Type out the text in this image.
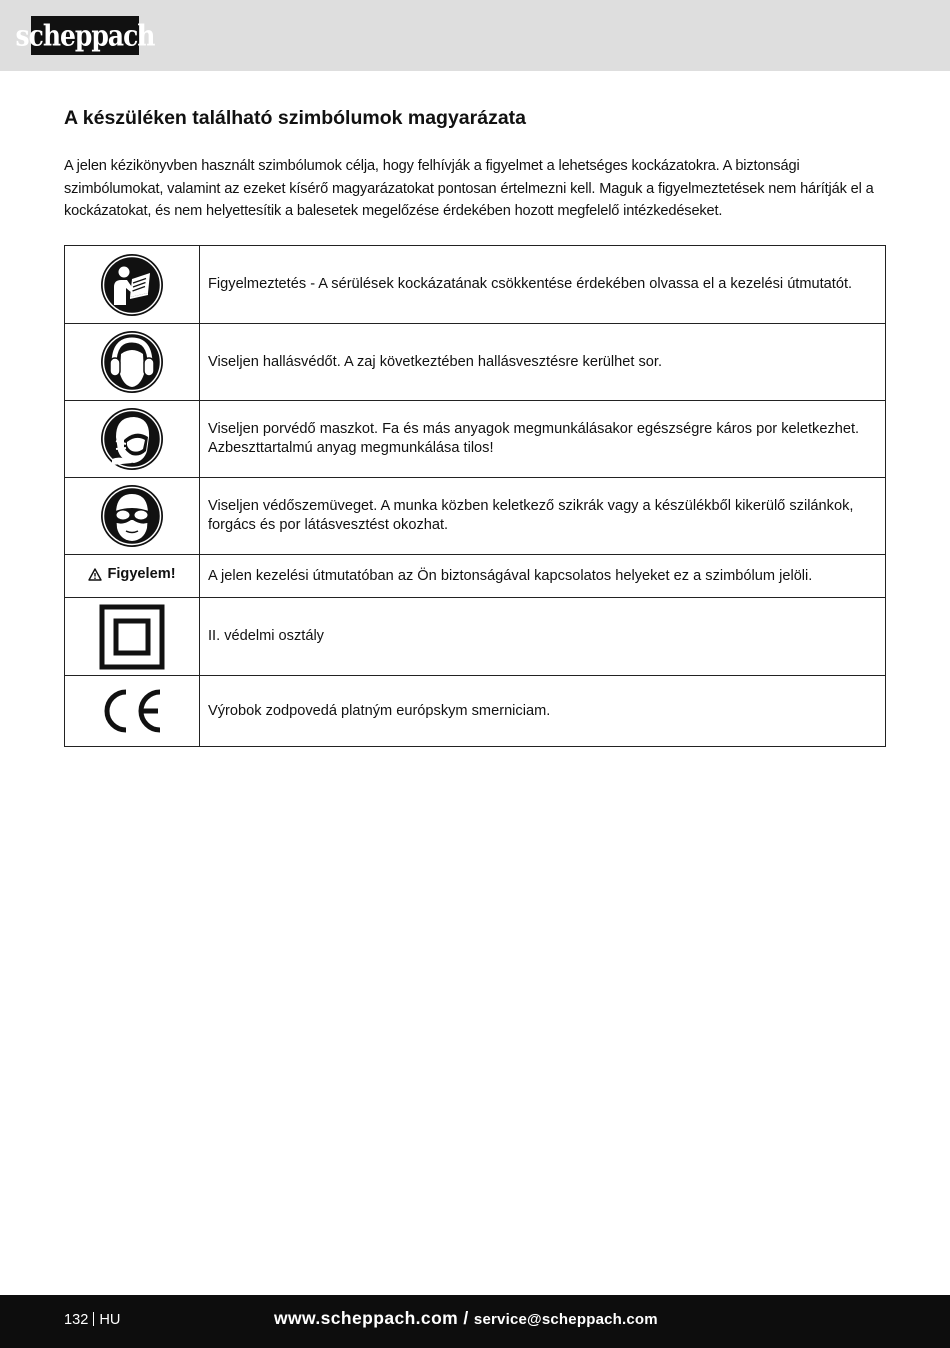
scheppach
A készüléken található szimbólumok magyarázata

A jelen kézikönyvben használt szimbólumok célja, hogy felhívják a figyelmet a lehetséges kockázatokra. A biztonsági szimbólumokat, valamint az ezeket kísérő magyarázatokat pontosan értelmezni kell. Maguk a figyelmeztetések nem hárítják el a kockázatokat, és nem helyettesítik a balesetek megelőzése érdekében hozott megfelelő intézkedéseket.

	Figyelmeztetés - A sérülések kockázatának csökkentése érdekében olvassa el a kezelési útmutatót.

	Viseljen hallásvédőt. A zaj következtében hallásvesztésre kerülhet sor.

	Viseljen porvédő maszkot. Fa és más anyagok megmunkálásakor egészségre káros por keletkezhet. Azbeszttartalmú anyag megmunkálása tilos!

	Viseljen védőszemüveget. A munka közben keletkező szikrák vagy a készülékből kikerülő szilánkok, forgács és por látásvesztést okozhat.

Figyelem!	A jelen kezelési útmutatóban az Ön biztonságával kapcsolatos helyeket ez a szimbólum jelöli.

	II. védelmi osztály

	Výrobok zodpovedá platným európskym smerniciam.
132 HU	www.scheppach.com / service@scheppach.com
